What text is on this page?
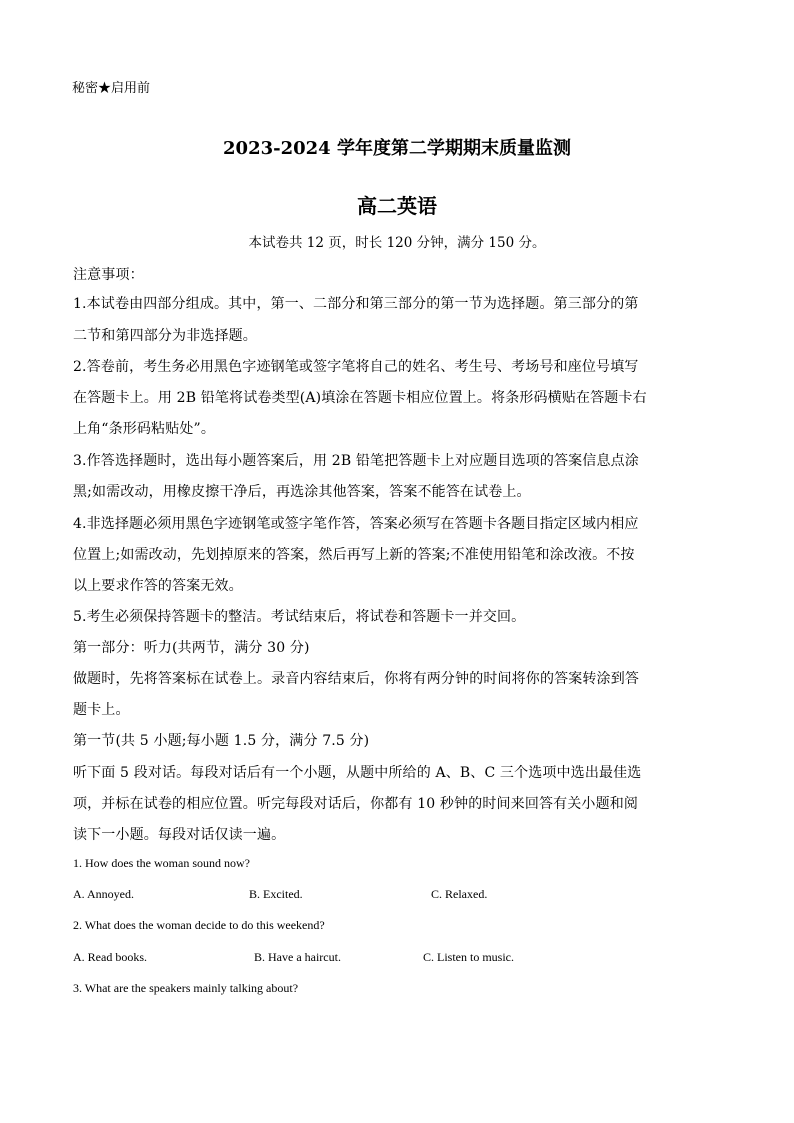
秘密★启用前
2023-2024 学年度第二学期期末质量监测
高二英语
本试卷共 12 页，时长 120 分钟，满分 150 分。
注意事项：
1.本试卷由四部分组成。其中，第一、二部分和第三部分的第一节为选择题。第三部分的第
二节和第四部分为非选择题。
2.答卷前，考生务必用黑色字迹钢笔或签字笔将自己的姓名、考生号、考场号和座位号填写
在答题卡上。用 2B 铅笔将试卷类型(A)填涂在答题卡相应位置上。将条形码横贴在答题卡右
上角“条形码粘贴处”。
3.作答选择题时，选出每小题答案后，用 2B 铅笔把答题卡上对应题目选项的答案信息点涂
黑;如需改动，用橡皮擦干净后，再选涂其他答案，答案不能答在试卷上。
4.非选择题必须用黑色字迹钢笔或签字笔作答，答案必须写在答题卡各题目指定区域内相应
位置上;如需改动，先划掉原来的答案，然后再写上新的答案;不准使用铅笔和涂改液。不按
以上要求作答的答案无效。
5.考生必须保持答题卡的整洁。考试结束后，将试卷和答题卡一并交回。
第一部分：听力(共两节，满分 30 分)
做题时，先将答案标在试卷上。录音内容结束后，你将有两分钟的时间将你的答案转涂到答
题卡上。
第一节(共 5 小题;每小题 1.5 分，满分 7.5 分)
听下面 5 段对话。每段对话后有一个小题，从题中所给的 A、B、C 三个选项中选出最佳选
项，并标在试卷的相应位置。听完每段对话后，你都有 10 秒钟的时间来回答有关小题和阅
读下一小题。每段对话仅读一遍。
1. How does the woman sound now?
A. Annoyed.	B. Excited.	C. Relaxed.
2. What does the woman decide to do this weekend?
A. Read books.	B. Have a haircut.	C. Listen to music.
3. What are the speakers mainly talking about?
